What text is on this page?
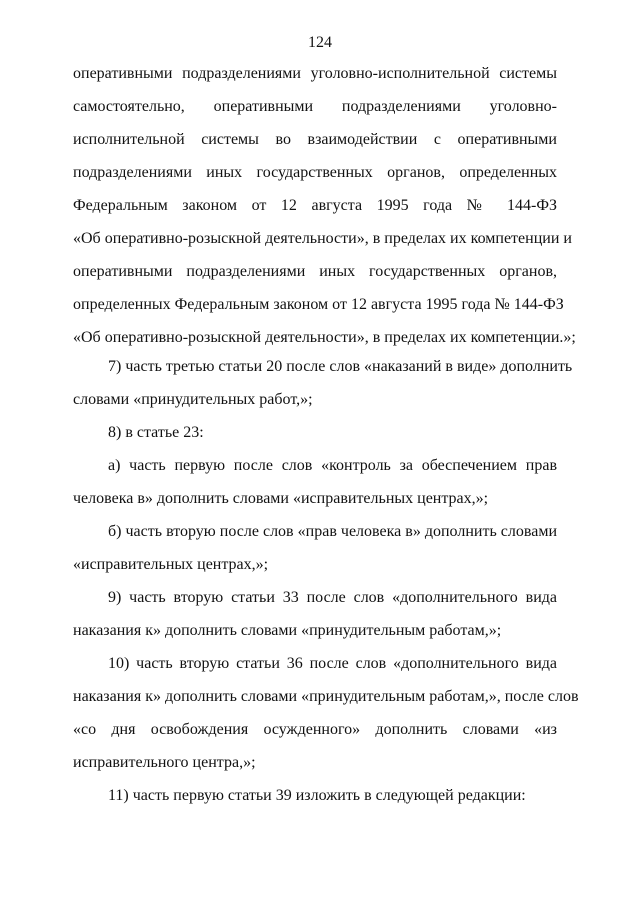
124
оперативными подразделениями уголовно-исполнительной системы
самостоятельно, оперативными подразделениями уголовно-
исполнительной системы во взаимодействии с оперативными
подразделениями иных государственных органов, определенных
Федеральным законом от 12 августа 1995 года № 144-ФЗ
«Об оперативно-розыскной деятельности», в пределах их компетенции и
оперативными подразделениями иных государственных органов,
определенных Федеральным законом от 12 августа 1995 года № 144-ФЗ
«Об оперативно-розыскной деятельности», в пределах их компетенции.»;
7) часть третью статьи 20 после слов «наказаний в виде» дополнить
словами «принудительных работ,»;
8) в статье 23:
а) часть первую после слов «контроль за обеспечением прав
человека в» дополнить словами «исправительных центрах,»;
б) часть вторую после слов «прав человека в» дополнить словами
«исправительных центрах,»;
9) часть вторую статьи 33 после слов «дополнительного вида
наказания к» дополнить словами «принудительным работам,»;
10) часть вторую статьи 36 после слов «дополнительного вида
наказания к» дополнить словами «принудительным работам,», после слов
«со дня освобождения осужденного» дополнить словами «из
исправительного центра,»;
11) часть первую статьи 39 изложить в следующей редакции:
